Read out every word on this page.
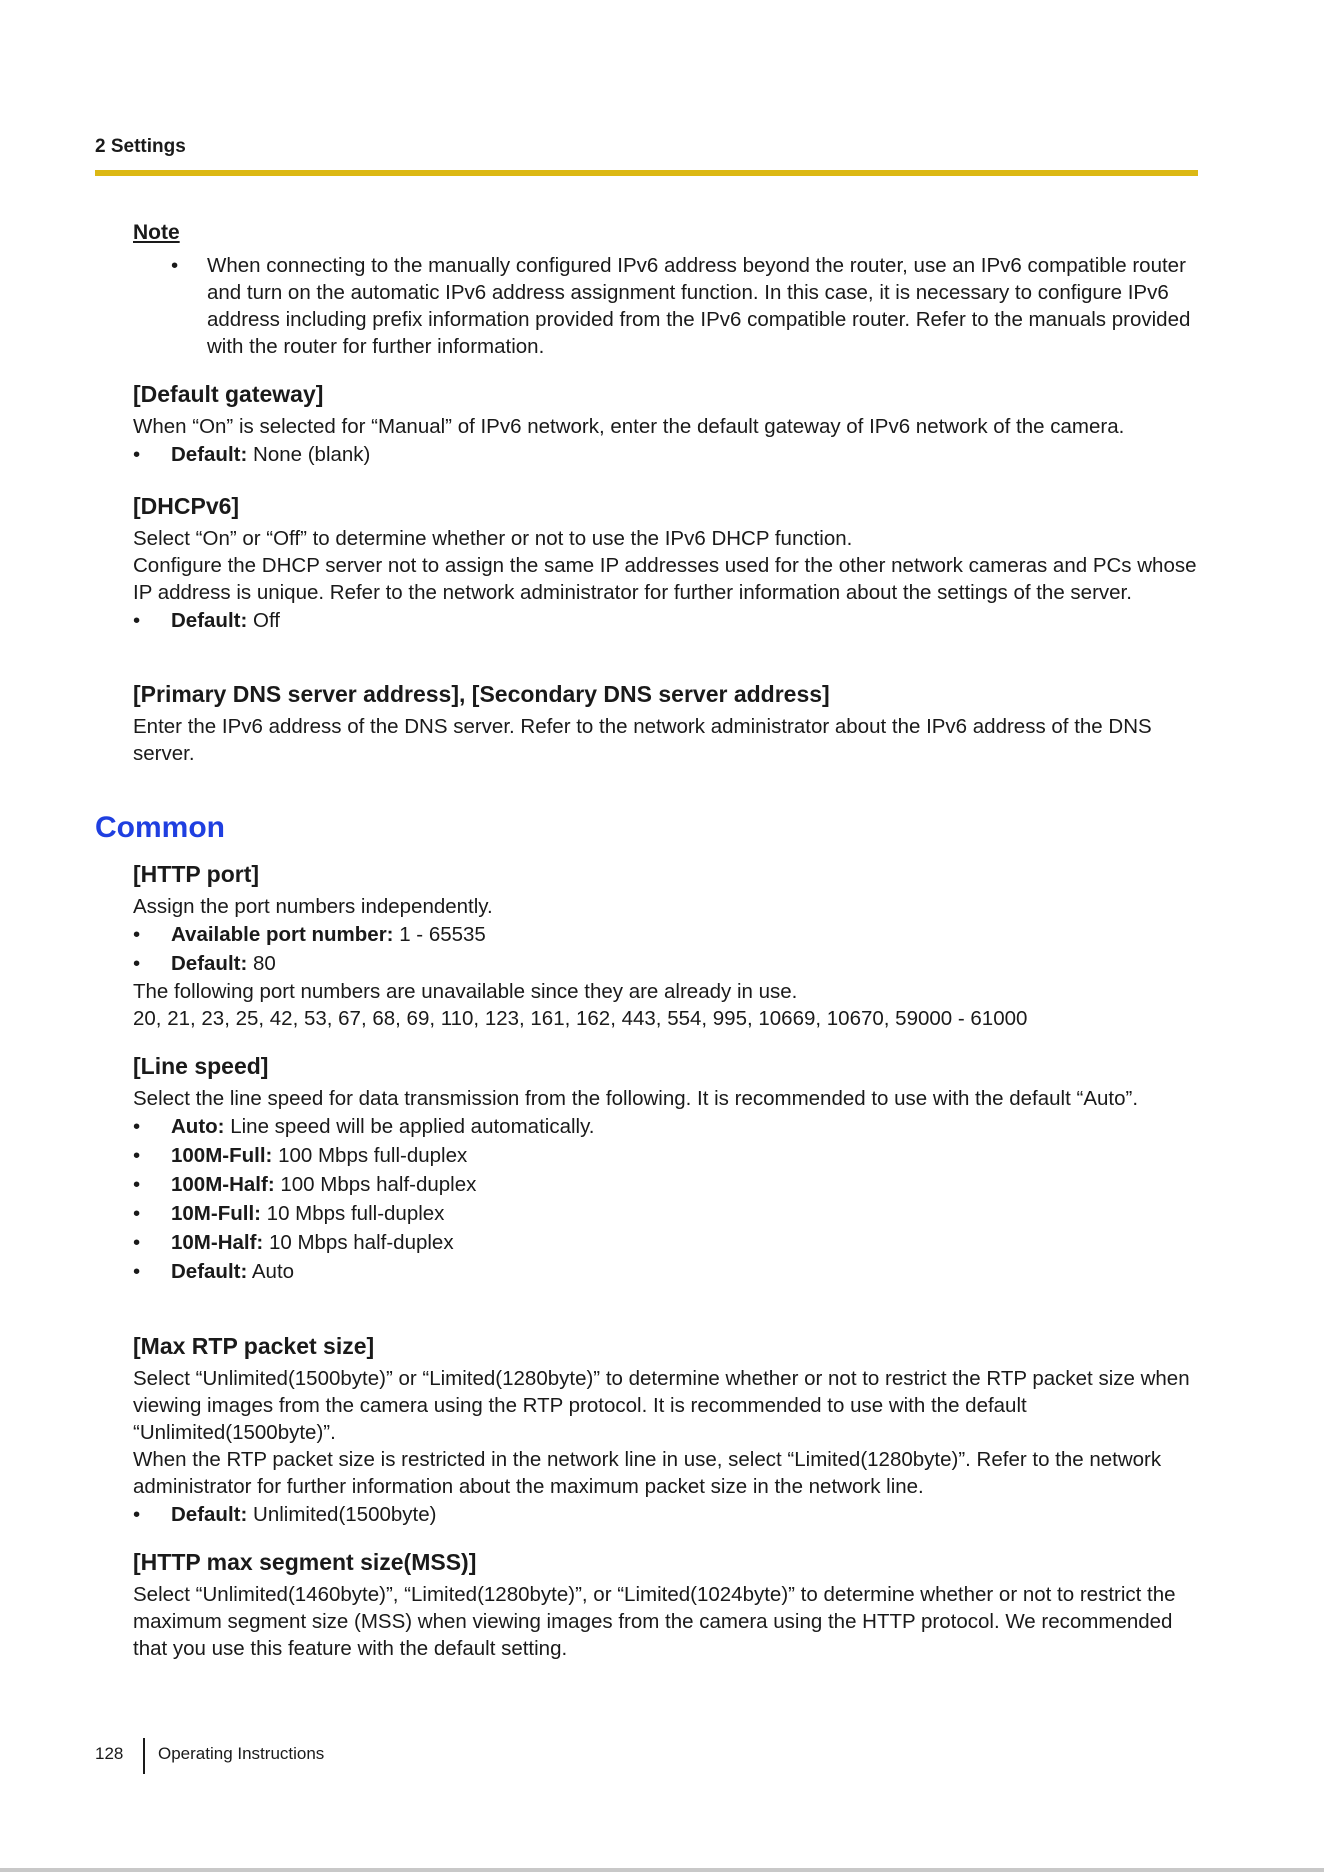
2 Settings
Note
• When connecting to the manually configured IPv6 address beyond the router, use an IPv6 compatible router and turn on the automatic IPv6 address assignment function. In this case, it is necessary to configure IPv6 address including prefix information provided from the IPv6 compatible router. Refer to the manuals provided with the router for further information.
[Default gateway]

When “On” is selected for “Manual” of IPv6 network, enter the default gateway of IPv6 network of the camera.

• Default: None (blank)
[DHCPv6]

Select “On” or “Off” to determine whether or not to use the IPv6 DHCP function.

Configure the DHCP server not to assign the same IP addresses used for the other network cameras and PCs whose IP address is unique. Refer to the network administrator for further information about the settings of the server.

• Default: Off
[Primary DNS server address], [Secondary DNS server address]

Enter the IPv6 address of the DNS server. Refer to the network administrator about the IPv6 address of the DNS server.

Common
[HTTP port]

Assign the port numbers independently.

• Available port number: 1 - 65535
• Default: 80

The following port numbers are unavailable since they are already in use.

20, 21, 23, 25, 42, 53, 67, 68, 69, 110, 123, 161, 162, 443, 554, 995, 10669, 10670, 59000 - 61000

[Line speed]

Select the line speed for data transmission from the following. It is recommended to use with the default “Auto”.

• Auto: Line speed will be applied automatically.
• 100M-Full: 100 Mbps full-duplex
• 100M-Half: 100 Mbps half-duplex
• 10M-Full: 10 Mbps full-duplex
• 10M-Half: 10 Mbps half-duplex
• Default: Auto
[Max RTP packet size]

Select “Unlimited(1500byte)” or “Limited(1280byte)” to determine whether or not to restrict the RTP packet size when viewing images from the camera using the RTP protocol. It is recommended to use with the default “Unlimited(1500byte)”.

When the RTP packet size is restricted in the network line in use, select “Limited(1280byte)”. Refer to the network administrator for further information about the maximum packet size in the network line.

• Default: Unlimited(1500byte)
[HTTP max segment size(MSS)]

Select “Unlimited(1460byte)”, “Limited(1280byte)”, or “Limited(1024byte)” to determine whether or not to restrict the maximum segment size (MSS) when viewing images from the camera using the HTTP protocol. We recommended that you use this feature with the default setting.

128 Operating Instructions
